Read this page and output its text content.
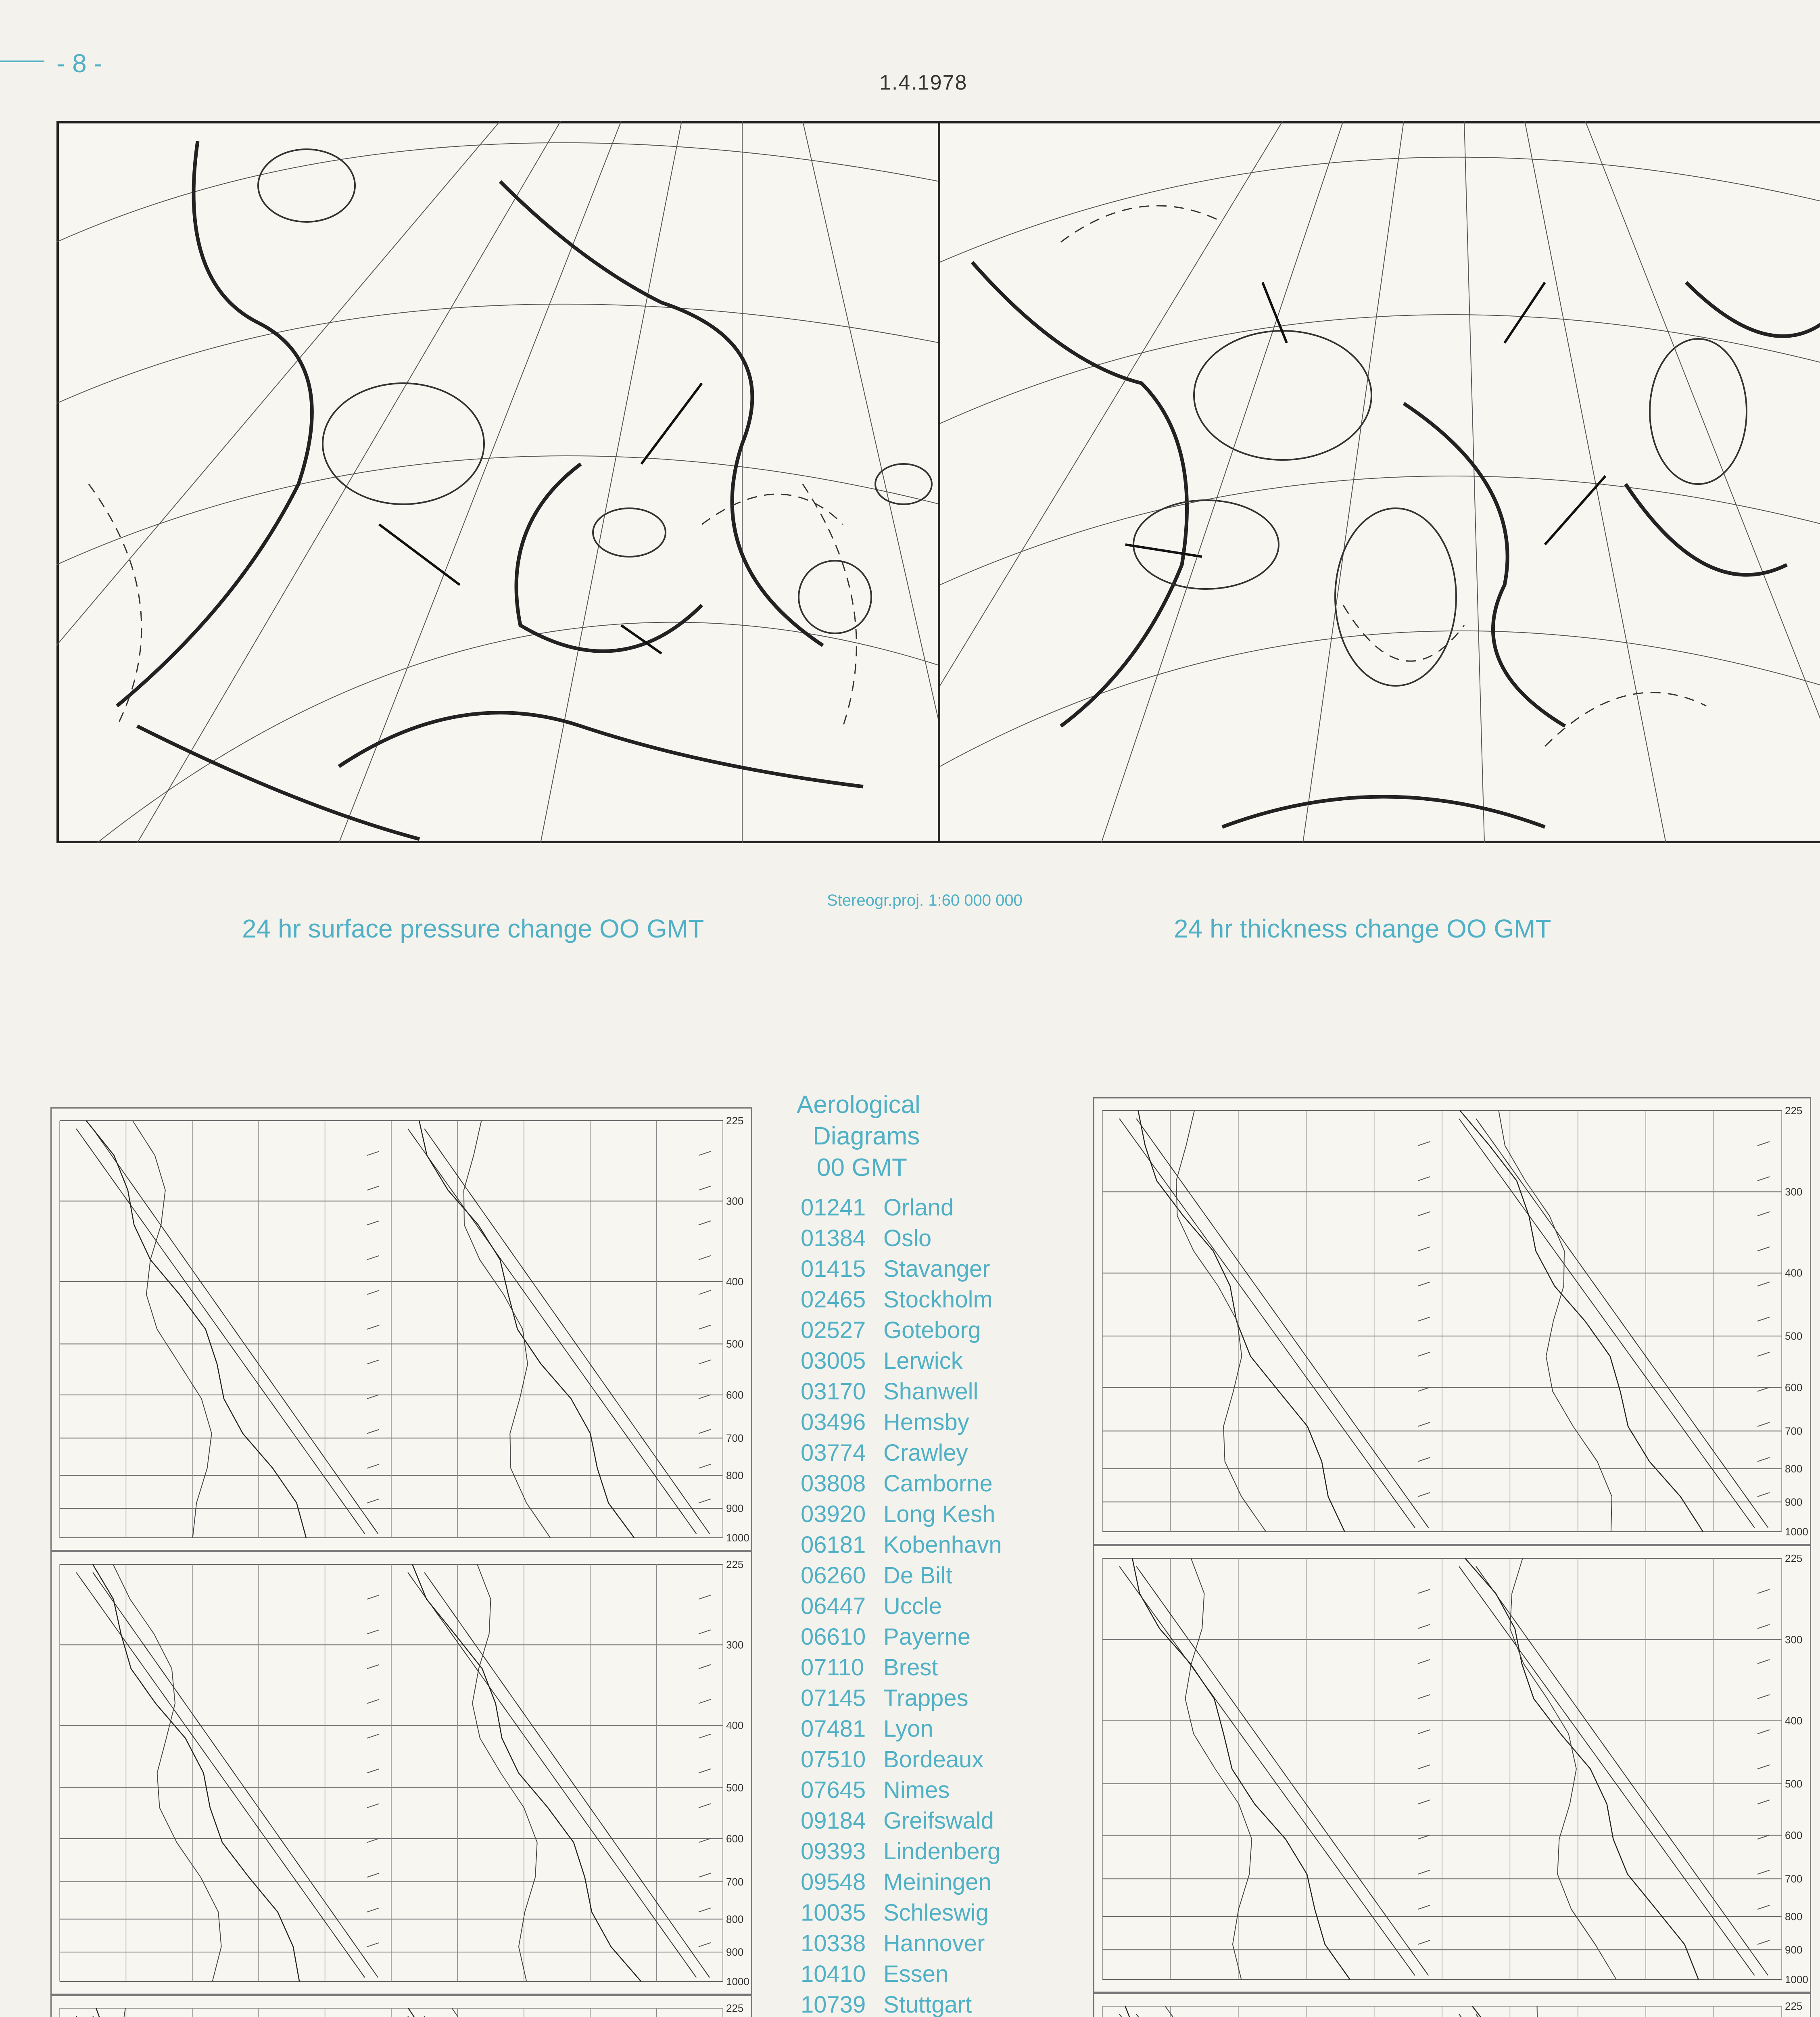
- 8 -
1.4.1978
Stereogr.proj. 1:60 000 000
24 hr surface pressure change OO GMT	24 hr thickness change OO GMT
225
300
400
500
600
700
800
900
1000
225
300
400
500
600
700
800
900
1000
225
225
300
400
500
600
700
800
900
1000
225
300
400
500
600
700
800
900
1000
225
Aerological
Diagrams
00 GMT
01241 Orland
01384 Oslo
01415 Stavanger
02465 Stockholm
02527 Goteborg
03005 Lerwick
03170 Shanwell
03496 Hemsby
03774 Crawley
03808 Camborne
03920 Long Kesh
06181 Kobenhavn
06260 De Bilt
06447 Uccle
06610 Payerne
07110 Brest
07145 Trappes
07481 Lyon
07510 Bordeaux
07645 Nimes
09184 Greifswald
09393 Lindenberg
09548 Meiningen
10035 Schleswig
10338 Hannover
10410 Essen
10739 Stuttgart
